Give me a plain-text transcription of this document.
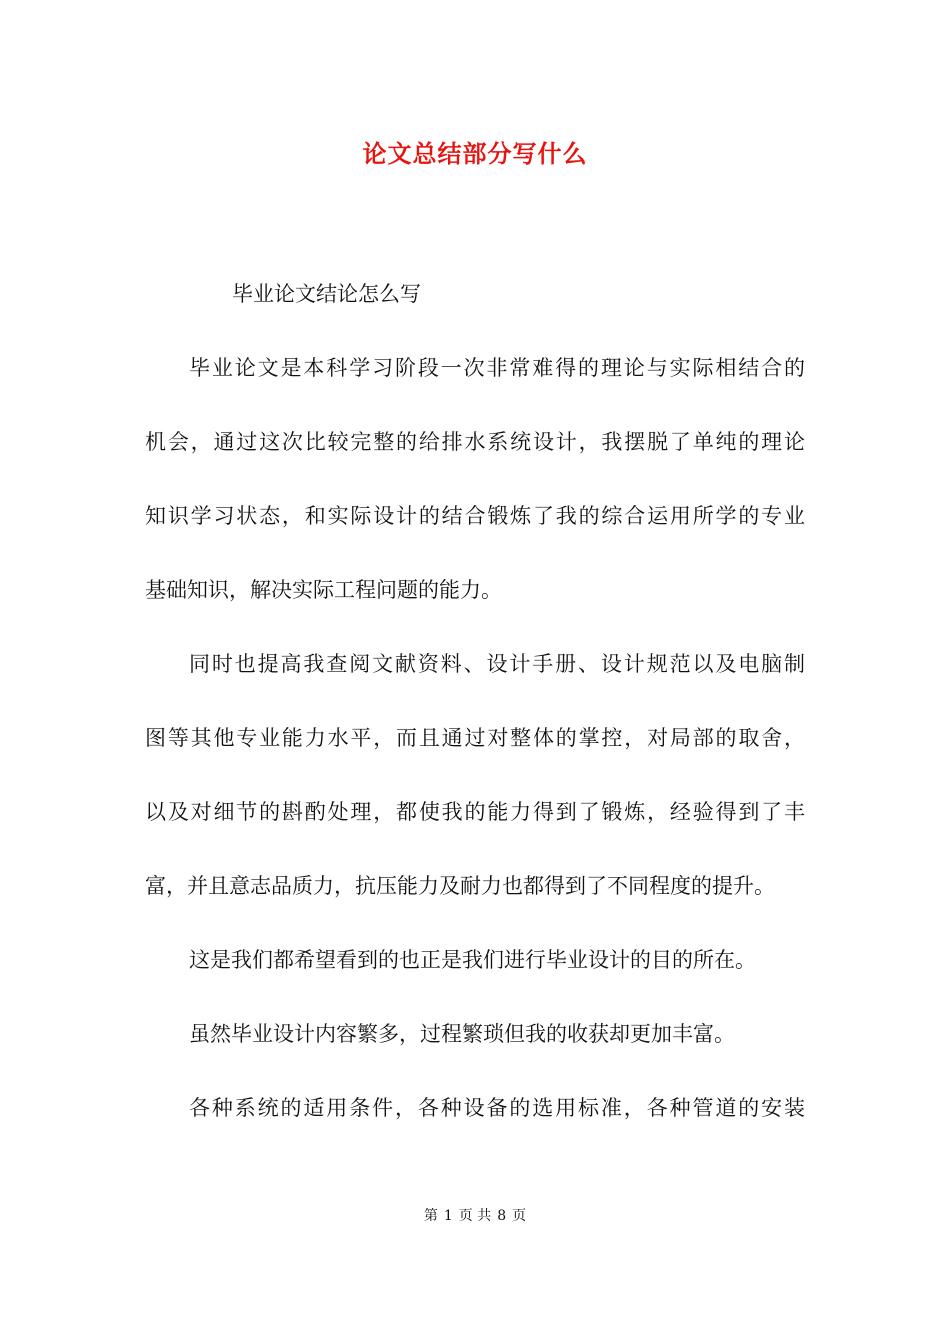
论文总结部分写什么
毕业论文结论怎么写
毕业论文是本科学习阶段一次非常难得的理论与实际相结合的
机会，通过这次比较完整的给排水系统设计，我摆脱了单纯的理论
知识学习状态，和实际设计的结合锻炼了我的综合运用所学的专业
基础知识，解决实际工程问题的能力。
同时也提高我查阅文献资料、设计手册、设计规范以及电脑制
图等其他专业能力水平，而且通过对整体的掌控，对局部的取舍，
以及对细节的斟酌处理，都使我的能力得到了锻炼，经验得到了丰
富，并且意志品质力，抗压能力及耐力也都得到了不同程度的提升。
这是我们都希望看到的也正是我们进行毕业设计的目的所在。
虽然毕业设计内容繁多，过程繁琐但我的收获却更加丰富。
各种系统的适用条件，各种设备的选用标准，各种管道的安装
第 1 页 共 8 页
